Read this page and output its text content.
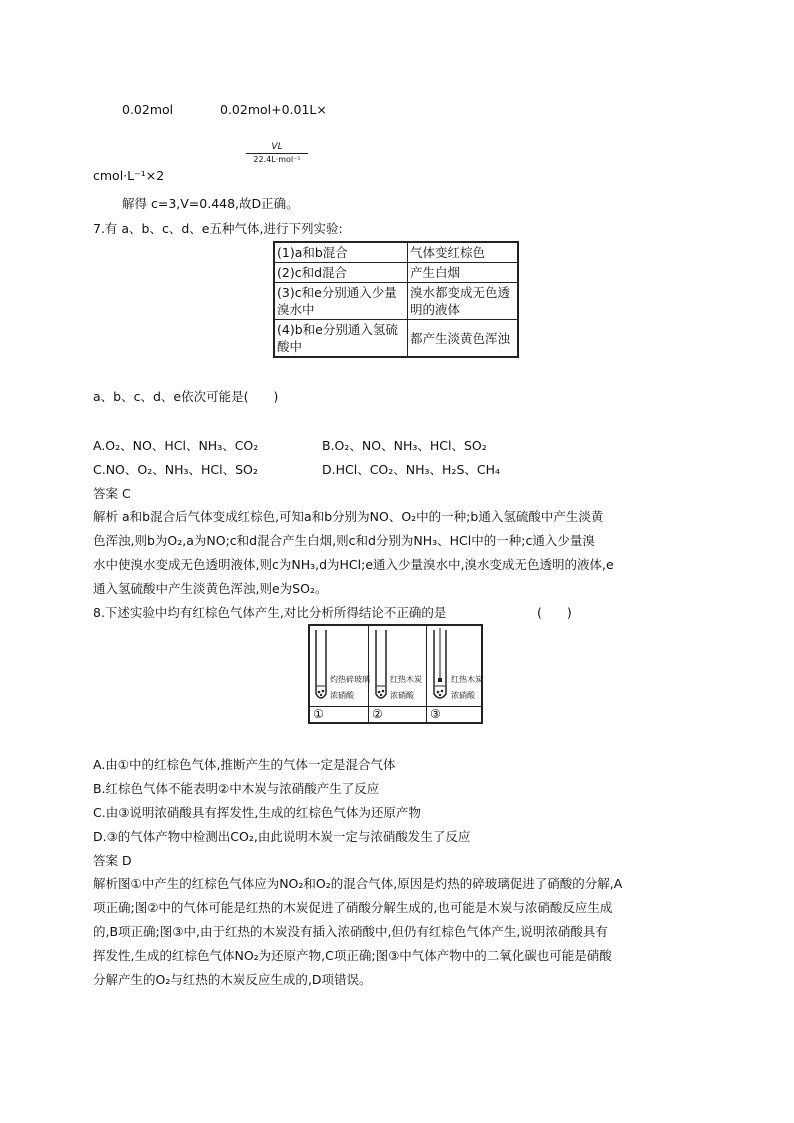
0.02mol	0.02mol+0.01L×
VL
22.4L·mol⁻¹
cmol·L⁻¹×2
解得 c=3,V=0.448,故D正确。
7.有 a、b、c、d、e五种气体,进行下列实验:
(1)a和b混合	气体变红棕色
(2)c和d混合	产生白烟
(3)c和e分别通入少量溴水中	溴水都变成无色透明的液体
(4)b和e分别通入氢硫酸中	都产生淡黄色浑浊
a、b、c、d、e依次可能是(　　)
A.O₂、NO、HCl、NH₃、CO₂	B.O₂、NO、NH₃、HCl、SO₂
C.NO、O₂、NH₃、HCl、SO₂	D.HCl、CO₂、NH₃、H₂S、CH₄
答案 C
解析 a和b混合后气体变成红棕色,可知a和b分别为NO、O₂中的一种;b通入氢硫酸中产生淡黄
色浑浊,则b为O₂,a为NO;c和d混合产生白烟,则c和d分别为NH₃、HCl中的一种;c通入少量溴
水中使溴水变成无色透明液体,则c为NH₃,d为HCl;e通入少量溴水中,溴水变成无色透明的液体,e
通入氢硫酸中产生淡黄色浑浊,则e为SO₂。
8.下述实验中均有红棕色气体产生,对比分析所得结论不正确的是	(　　)
灼热碎玻璃
浓硝酸
红热木炭
浓硝酸
红热木炭
浓硝酸
①	②	③
A.由①中的红棕色气体,推断产生的气体一定是混合气体
B.红棕色气体不能表明②中木炭与浓硝酸产生了反应
C.由③说明浓硝酸具有挥发性,生成的红棕色气体为还原产物
D.③的气体产物中检测出CO₂,由此说明木炭一定与浓硝酸发生了反应
答案 D
解析图①中产生的红棕色气体应为NO₂和O₂的混合气体,原因是灼热的碎玻璃促进了硝酸的分解,A
项正确;图②中的气体可能是红热的木炭促进了硝酸分解生成的,也可能是木炭与浓硝酸反应生成
的,B项正确;图③中,由于红热的木炭没有插入浓硝酸中,但仍有红棕色气体产生,说明浓硝酸具有
挥发性,生成的红棕色气体NO₂为还原产物,C项正确;图③中气体产物中的二氧化碳也可能是硝酸
分解产生的O₂与红热的木炭反应生成的,D项错误。
